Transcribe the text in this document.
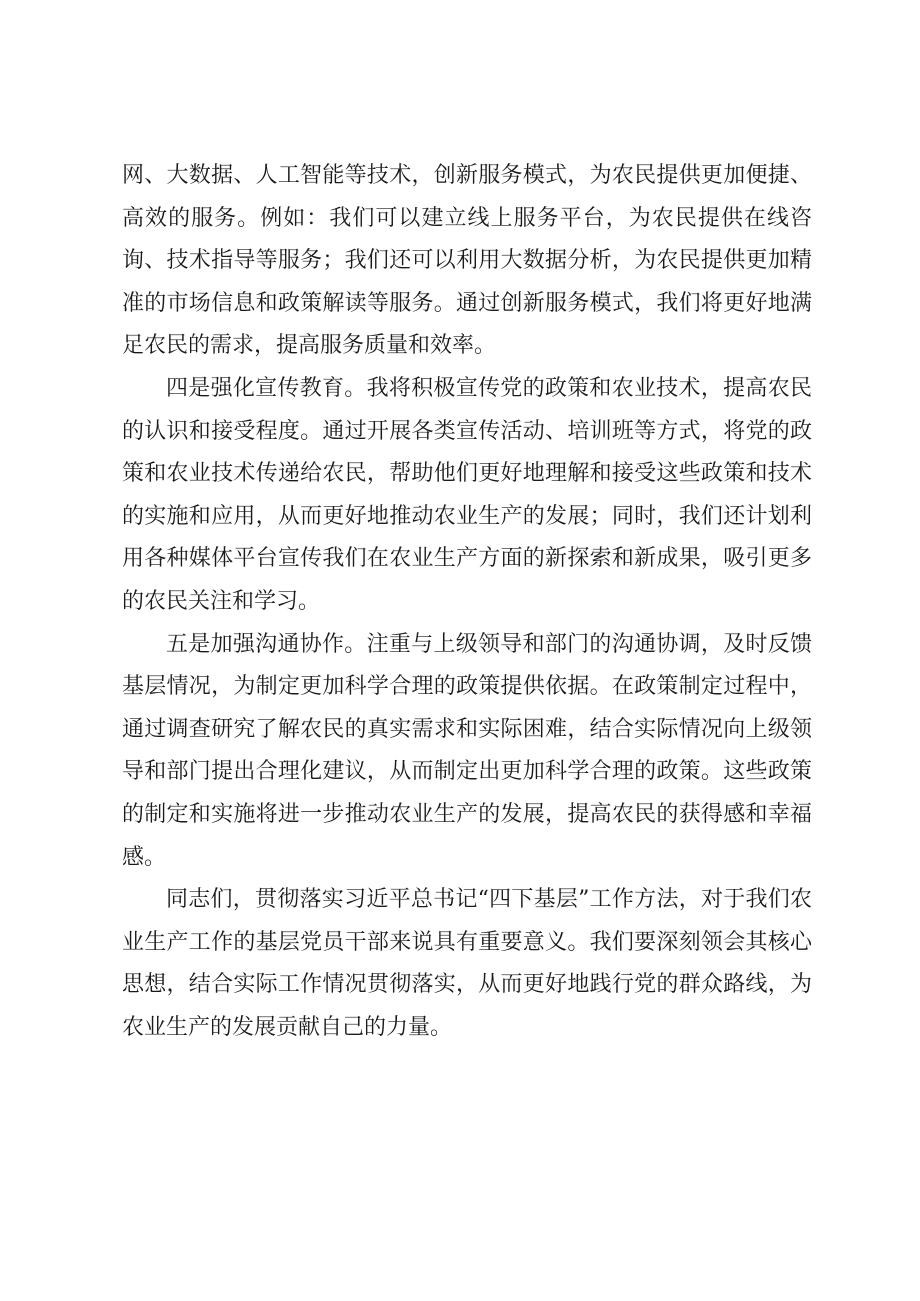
网、大数据、人工智能等技术，创新服务模式，为农民提供更加便捷、高效的服务。例如：我们可以建立线上服务平台，为农民提供在线咨询、技术指导等服务；我们还可以利用大数据分析，为农民提供更加精准的市场信息和政策解读等服务。通过创新服务模式，我们将更好地满足农民的需求，提高服务质量和效率。

四是强化宣传教育。我将积极宣传党的政策和农业技术，提高农民的认识和接受程度。通过开展各类宣传活动、培训班等方式，将党的政策和农业技术传递给农民，帮助他们更好地理解和接受这些政策和技术的实施和应用，从而更好地推动农业生产的发展；同时，我们还计划利用各种媒体平台宣传我们在农业生产方面的新探索和新成果，吸引更多的农民关注和学习。

五是加强沟通协作。注重与上级领导和部门的沟通协调，及时反馈基层情况，为制定更加科学合理的政策提供依据。在政策制定过程中，通过调查研究了解农民的真实需求和实际困难，结合实际情况向上级领导和部门提出合理化建议，从而制定出更加科学合理的政策。这些政策的制定和实施将进一步推动农业生产的发展，提高农民的获得感和幸福感。

同志们，贯彻落实习近平总书记“四下基层”工作方法，对于我们农业生产工作的基层党员干部来说具有重要意义。我们要深刻领会其核心思想，结合实际工作情况贯彻落实，从而更好地践行党的群众路线，为农业生产的发展贡献自己的力量。
